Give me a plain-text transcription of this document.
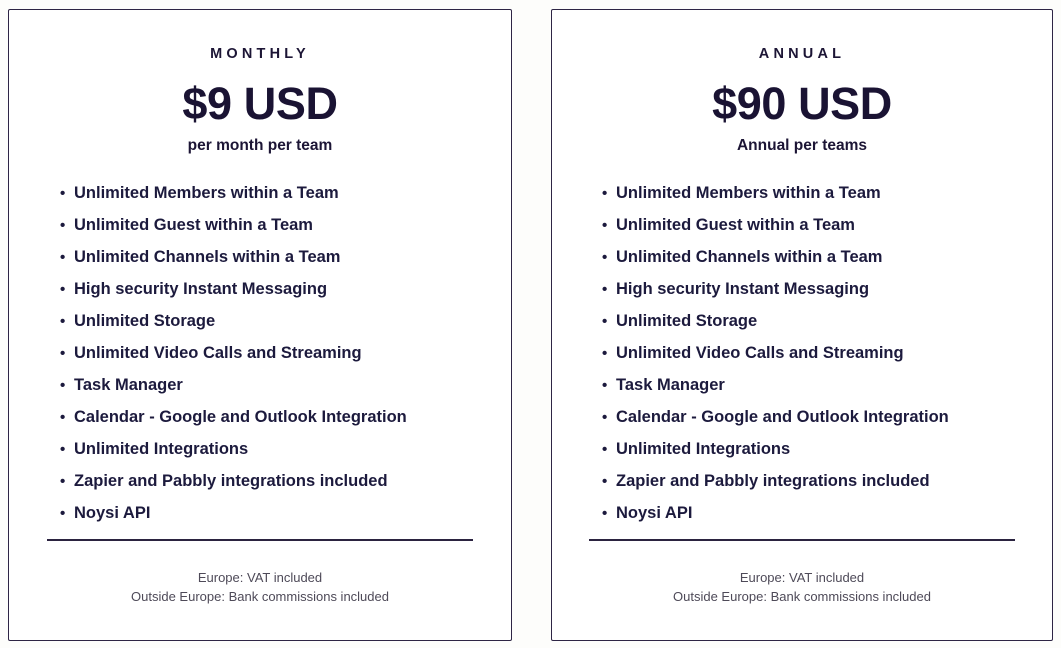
MONTHLY
$9 USD
per month per team
• Unlimited Members within a Team
• Unlimited Guest within a Team
• Unlimited Channels within a Team
• High security Instant Messaging
• Unlimited Storage
• Unlimited Video Calls and Streaming
• Task Manager
• Calendar - Google and Outlook Integration
• Unlimited Integrations
• Zapier and Pabbly integrations included
• Noysi API
Europe: VAT included
Outside Europe: Bank commissions included
ANNUAL
$90 USD
Annual per teams
• Unlimited Members within a Team
• Unlimited Guest within a Team
• Unlimited Channels within a Team
• High security Instant Messaging
• Unlimited Storage
• Unlimited Video Calls and Streaming
• Task Manager
• Calendar - Google and Outlook Integration
• Unlimited Integrations
• Zapier and Pabbly integrations included
• Noysi API
Europe: VAT included
Outside Europe: Bank commissions included
